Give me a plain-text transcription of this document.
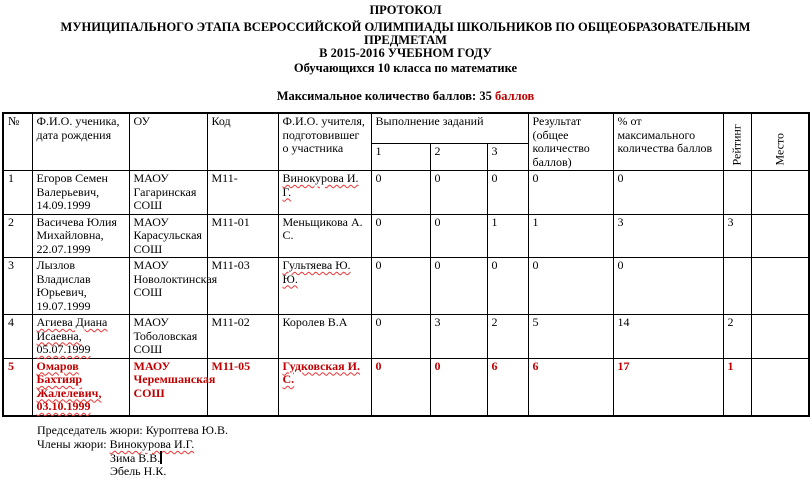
ПРОТОКОЛ
МУНИЦИПАЛЬНОГО ЭТАПА ВСЕРОССИЙСКОЙ ОЛИМПИАДЫ ШКОЛЬНИКОВ ПО ОБЩЕОБРАЗОВАТЕЛЬНЫМ
ПРЕДМЕТАМ
В 2015-2016 УЧЕБНОМ ГОДУ
Обучающихся 10 класса по математике
Максимальное количество баллов: 35 баллов
№	Ф.И.О. ученика, дата рождения	ОУ	Код	Ф.И.О. учителя, подготовившег о участника	Выполнение заданий			Результат (общее количество баллов)	% от максимального количества баллов	Рейтинг	Место
					1	2	3				
1	Егоров Семен Валерьевич, 14.09.1999	МАОУ Гагаринская СОШ	М11-	Винокурова И. Г.	0	0	0	0	0		
2	Васичева Юлия Михайловна, 22.07.1999	МАОУ Карасульская СОШ	М11-01	Меньщикова А. С.	0	0	1	1	3	3	
3	Лызлов Владислав Юрьевич, 19.07.1999	МАОУ Новолоктинская СОШ	М11-03	Гультяева Ю. Ю.	0	0	0	0	0		
4	Агиева Диана Исаевна, 05.07.1999	МАОУ Тоболовская СОШ	М11-02	Королев В.А	0	3	2	5	14	2	
5	Омаров Бахтияр Жалелевич, 03.10.1999	МАОУ Черемшанская СОШ	М11-05	Гудковская И. С.	0	0	6	6	17	1	
Председатель жюри: Куроптева Ю.В.
Члены жюри: Винокурова И.Г.
Зима В.В.
Эбель Н.К.
